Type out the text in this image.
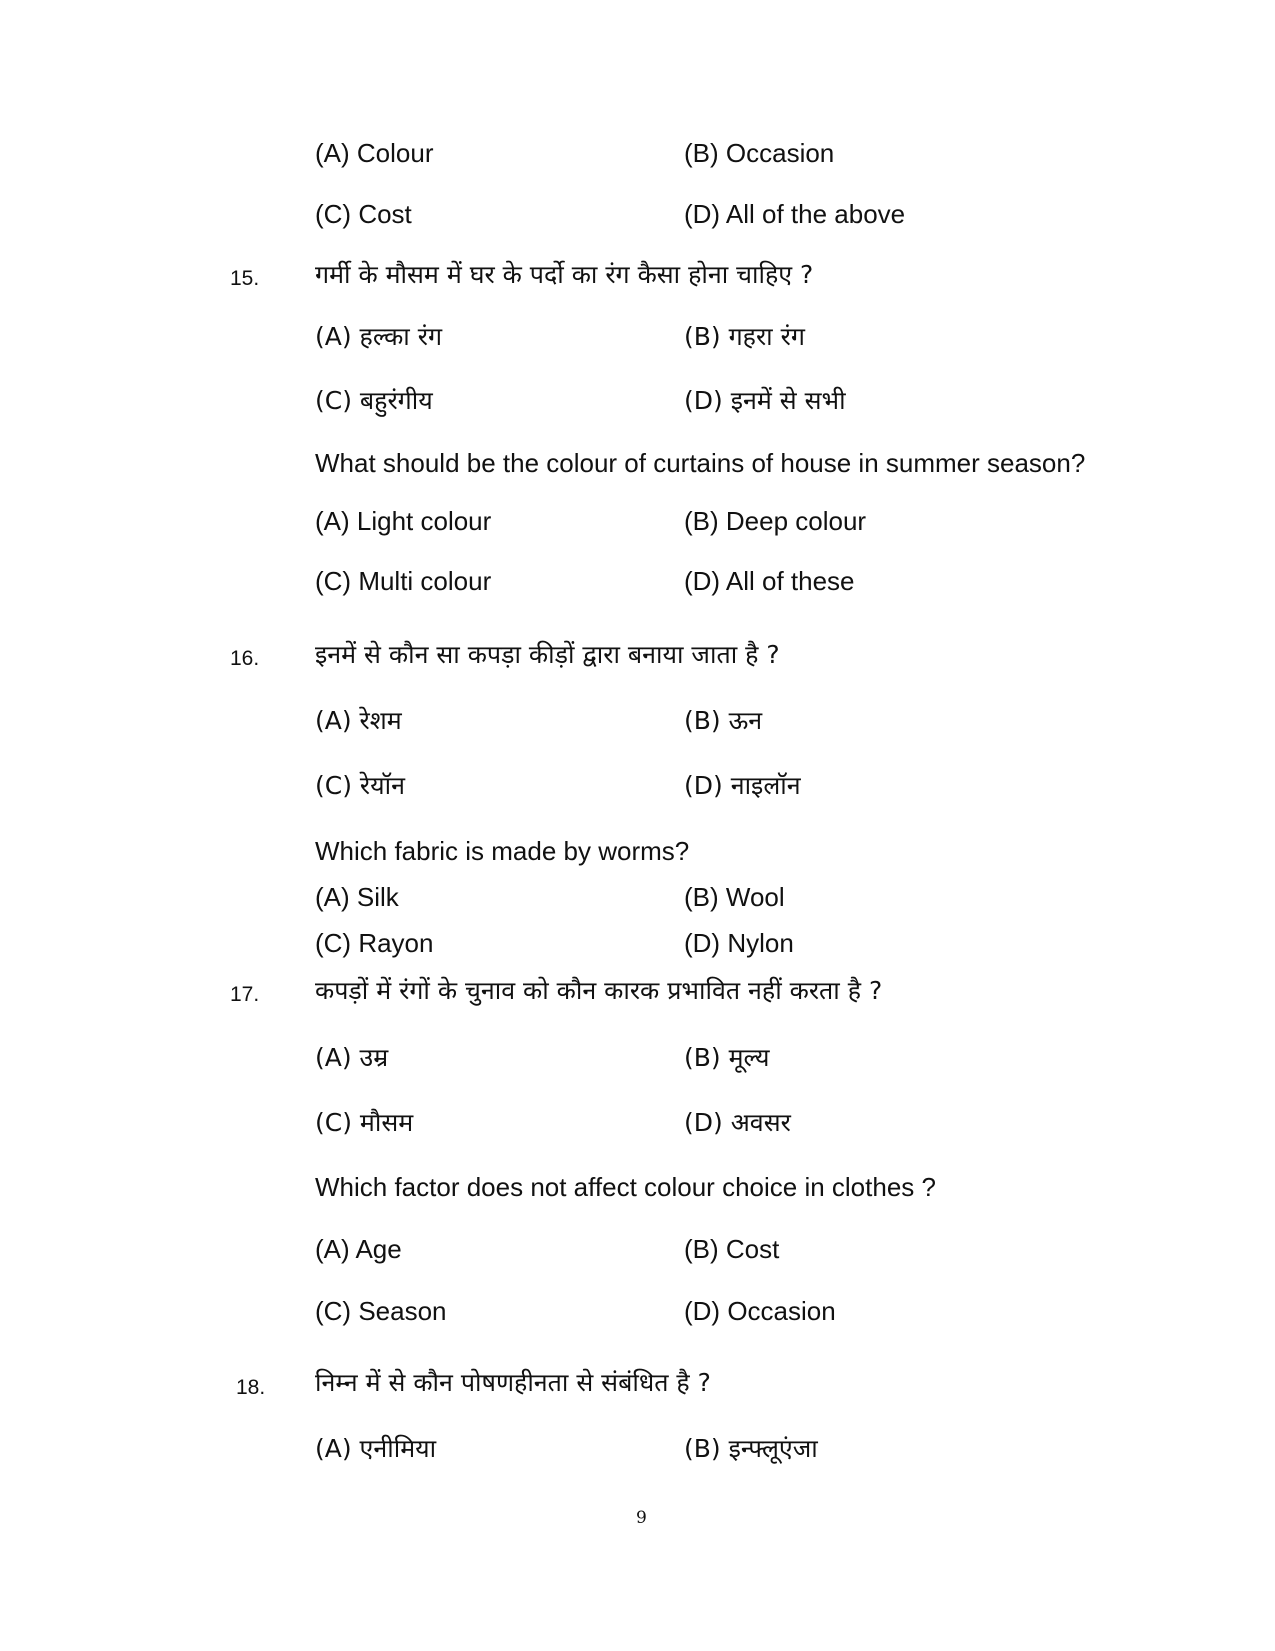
(A) Colour	(B) Occasion
(C) Cost	(D) All of the above
15. गर्मी के मौसम में घर के पर्दो का रंग कैसा होना चाहिए ?
(A) हल्का रंग	(B) गहरा रंग
(C) बहुरंगीय	(D) इनमें से सभी
What should be the colour of curtains of house in summer season?
(A) Light colour	(B) Deep colour
(C) Multi colour	(D) All of these
16. इनमें से कौन सा कपड़ा कीड़ों द्वारा बनाया जाता है ?
(A) रेशम	(B) ऊन
(C) रेयॉन	(D) नाइलॉन
Which fabric is made by worms?
(A) Silk	(B) Wool
(C) Rayon	(D) Nylon
17. कपड़ों में रंगों के चुनाव को कौन कारक प्रभावित नहीं करता है ?
(A) उम्र	(B) मूल्य
(C) मौसम	(D) अवसर
Which factor does not affect colour choice in clothes ?
(A) Age	(B) Cost
(C) Season	(D) Occasion
18. निम्न में से कौन पोषणहीनता से संबंधित है ?
(A) एनीमिया	(B) इन्फ्लूएंजा
9
